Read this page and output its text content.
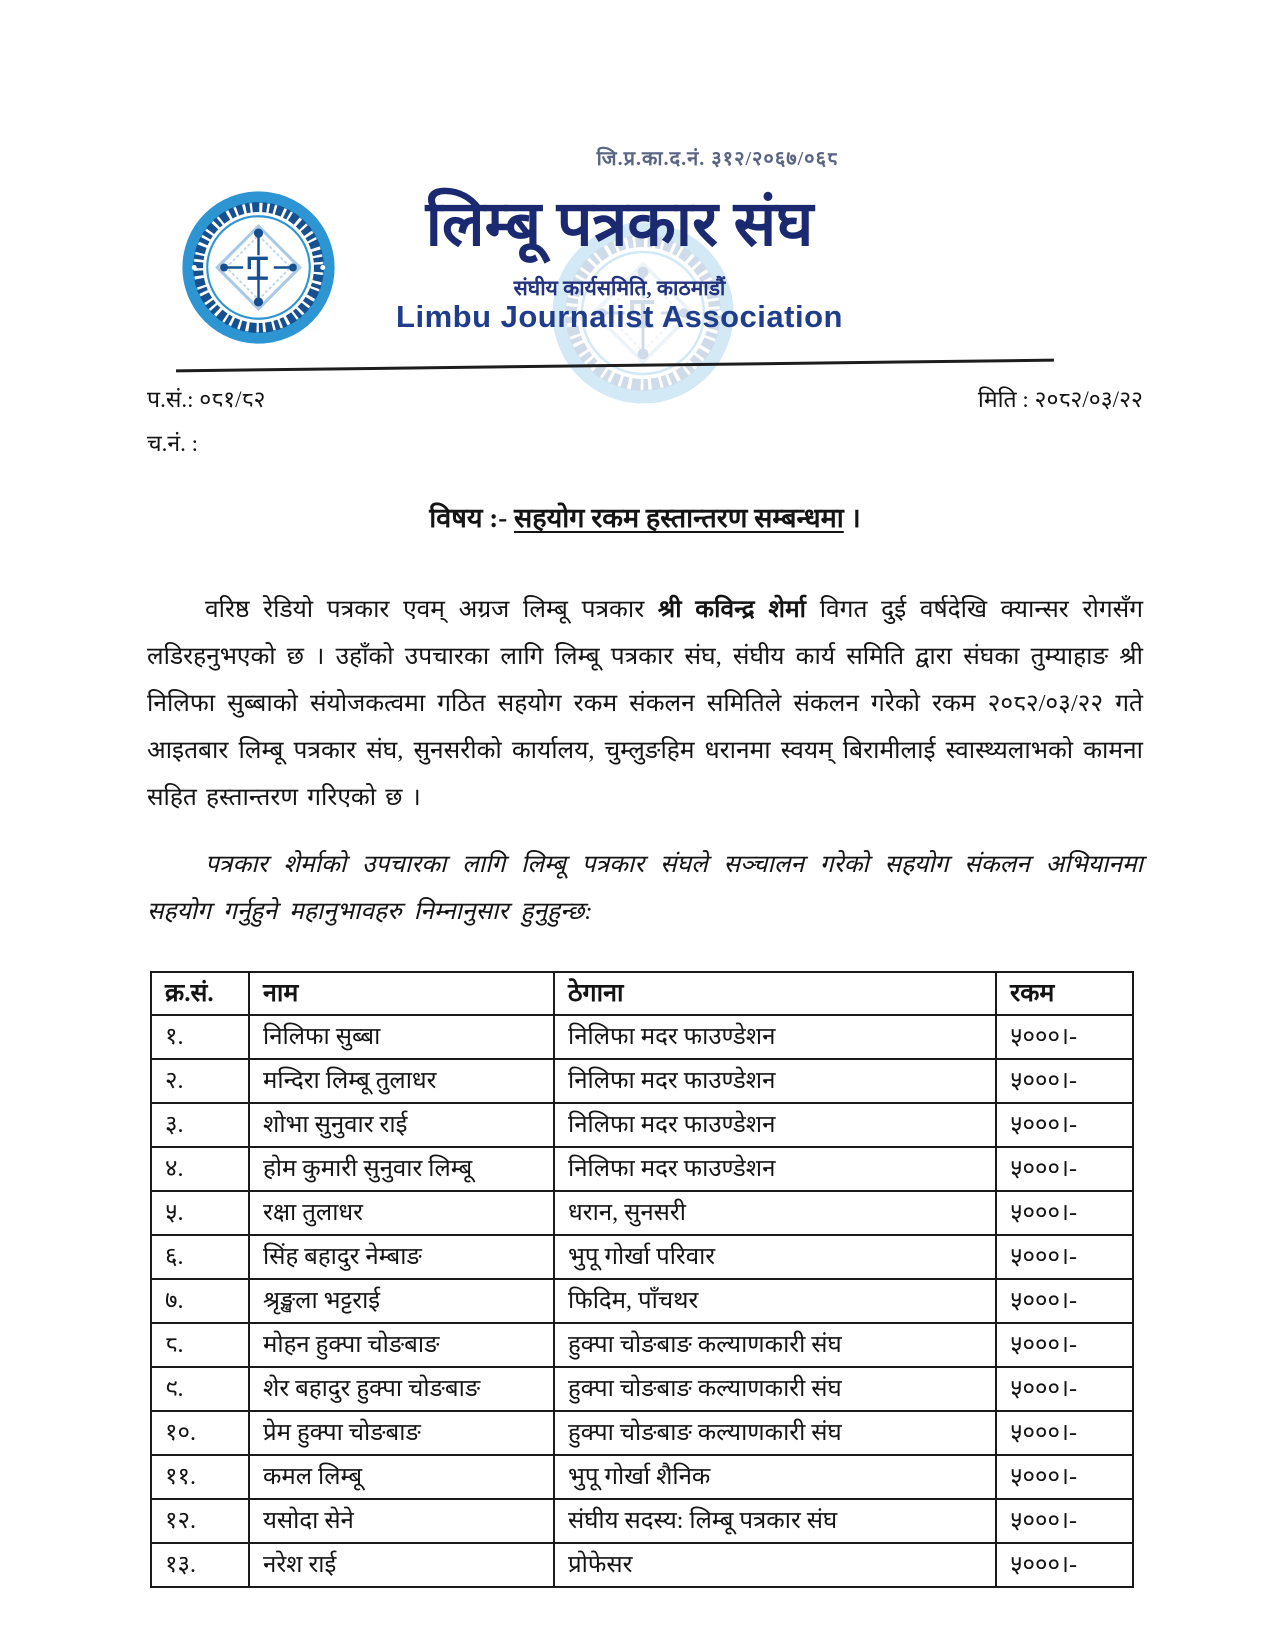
जि.प्र.का.द.नं. ३१२/२०६७/०६८
लिम्बू पत्रकार संघ
संघीय कार्यसमिति, काठमाडौं
Limbu Journalist Association
प.सं.: ०८१/८२	मिति : २०८२/०३/२२
च.नं. :
विषय :- सहयोग रकम हस्तान्तरण सम्बन्धमा ।

वरिष्ठ रेडियो पत्रकार एवम् अग्रज लिम्बू पत्रकार श्री कविन्द्र शेर्मा विगत दुई वर्षदेखि क्यान्सर रोगसँग लडिरहनुभएको छ । उहाँको उपचारका लागि लिम्बू पत्रकार संघ, संघीय कार्य समिति द्वारा संघका तुम्याहाङ श्री निलिफा सुब्बाको संयोजकत्वमा गठित सहयोग रकम संकलन समितिले संकलन गरेको रकम २०८२/०३/२२ गते आइतबार लिम्बू पत्रकार संघ, सुनसरीको कार्यालय, चुम्लुङहिम धरानमा स्वयम् बिरामीलाई स्वास्थ्यलाभको कामना सहित हस्तान्तरण गरिएको छ ।

पत्रकार शेर्माको उपचारका लागि लिम्बू पत्रकार संघले सञ्चालन गरेको सहयोग संकलन अभियानमा सहयोग गर्नुहुने महानुभावहरु निम्नानुसार हुनुहुन्छ:

क्र.सं.	नाम	ठेगाना	रकम
१.	निलिफा सुब्बा	निलिफा मदर फाउण्डेशन	५०००।-
२.	मन्दिरा लिम्बू तुलाधर	निलिफा मदर फाउण्डेशन	५०००।-
३.	शोभा सुनुवार राई	निलिफा मदर फाउण्डेशन	५०००।-
४.	होम कुमारी सुनुवार लिम्बू	निलिफा मदर फाउण्डेशन	५०००।-
५.	रक्षा तुलाधर	धरान, सुनसरी	५०००।-
६.	सिंह बहादुर नेम्बाङ	भुपू गोर्खा परिवार	५०००।-
७.	श्रृङ्खला भट्टराई	फिदिम, पाँचथर	५०००।-
८.	मोहन हुक्पा चोङबाङ	हुक्पा चोङबाङ कल्याणकारी संघ	५०००।-
९.	शेर बहादुर हुक्पा चोङबाङ	हुक्पा चोङबाङ कल्याणकारी संघ	५०००।-
१०.	प्रेम हुक्पा चोङबाङ	हुक्पा चोङबाङ कल्याणकारी संघ	५०००।-
११.	कमल लिम्बू	भुपू गोर्खा शैनिक	५०००।-
१२.	यसोदा सेने	संघीय सदस्य: लिम्बू पत्रकार संघ	५०००।-
१३.	नरेश राई	प्रोफेसर	५०००।-
